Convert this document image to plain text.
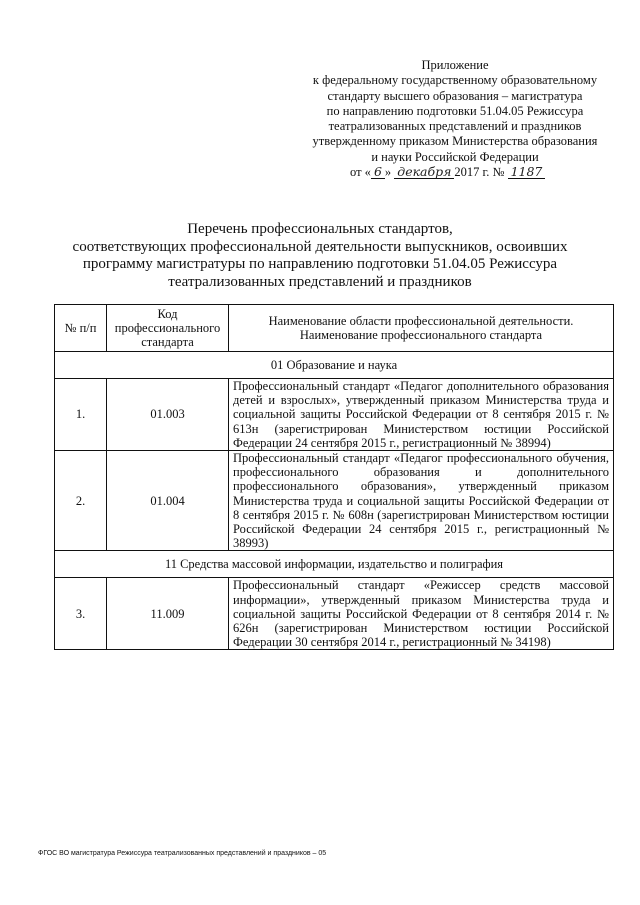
Приложение
к федеральному государственному образовательному
стандарту высшего образования – магистратура
по направлению подготовки 51.04.05 Режиссура
театрализованных представлений и праздников
утвержденному приказом Министерства образования
и науки Российской Федерации
от « 6 » декабря 2017 г. № 1187
Перечень профессиональных стандартов,
соответствующих профессиональной деятельности выпускников, освоивших
программу магистратуры по направлению подготовки 51.04.05 Режиссура
театрализованных представлений и праздников
№ п/п	Код профессионального стандарта	Наименование области профессиональной деятельности. Наименование профессионального стандарта
01 Образование и наука		
1.	01.003	Профессиональный стандарт «Педагог дополнительного образования детей и взрослых», утвержденный приказом Министерства труда и социальной защиты Российской Федерации от 8 сентября 2015 г. № 613н (зарегистрирован Министерством юстиции Российской Федерации 24 сентября 2015 г., регистрационный № 38994)
2.	01.004	Профессиональный стандарт «Педагог профессионального обучения, профессионального образования и дополнительного профессионального образования», утвержденный приказом Министерства труда и социальной защиты Российской Федерации от 8 сентября 2015 г. № 608н (зарегистрирован Министерством юстиции Российской Федерации 24 сентября 2015 г., регистрационный № 38993)
11 Средства массовой информации, издательство и полиграфия		
3.	11.009	Профессиональный стандарт «Режиссер средств массовой информации», утвержденный приказом Министерства труда и социальной защиты Российской Федерации от 8 сентября 2014 г. № 626н (зарегистрирован Министерством юстиции Российской Федерации 30 сентября 2014 г., регистрационный № 34198)
ФГОС ВО магистратура Режиссура театрализованных представлений и праздников – 05
